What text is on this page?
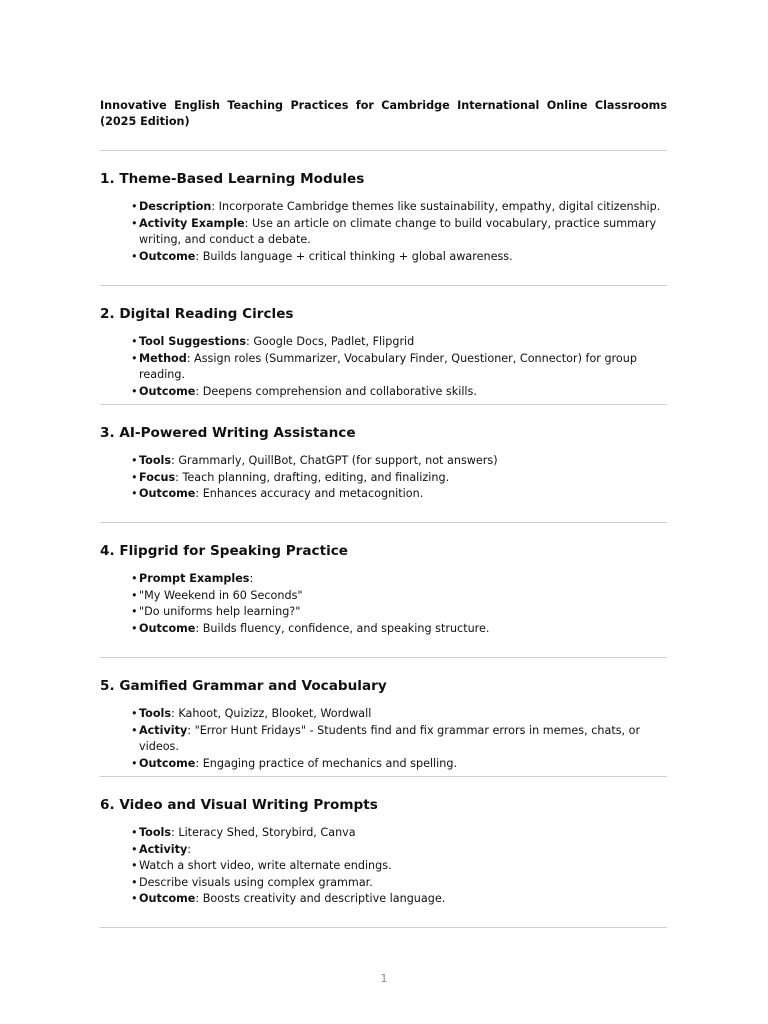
Innovative English Teaching Practices for Cambridge International Online Classrooms (2025 Edition)
1. Theme-Based Learning Modules
• Description: Incorporate Cambridge themes like sustainability, empathy, digital citizenship.
• Activity Example: Use an article on climate change to build vocabulary, practice summary writing, and conduct a debate.
• Outcome: Builds language + critical thinking + global awareness.
2. Digital Reading Circles
• Tool Suggestions: Google Docs, Padlet, Flipgrid
• Method: Assign roles (Summarizer, Vocabulary Finder, Questioner, Connector) for group reading.
• Outcome: Deepens comprehension and collaborative skills.
3. AI-Powered Writing Assistance
• Tools: Grammarly, QuillBot, ChatGPT (for support, not answers)
• Focus: Teach planning, drafting, editing, and finalizing.
• Outcome: Enhances accuracy and metacognition.
4. Flipgrid for Speaking Practice
• Prompt Examples:
• "My Weekend in 60 Seconds"
• "Do uniforms help learning?"
• Outcome: Builds fluency, confidence, and speaking structure.
5. Gamified Grammar and Vocabulary
• Tools: Kahoot, Quizizz, Blooket, Wordwall
• Activity: "Error Hunt Fridays" - Students find and fix grammar errors in memes, chats, or videos.
• Outcome: Engaging practice of mechanics and spelling.
6. Video and Visual Writing Prompts
• Tools: Literacy Shed, Storybird, Canva
• Activity:
• Watch a short video, write alternate endings.
• Describe visuals using complex grammar.
• Outcome: Boosts creativity and descriptive language.
1
